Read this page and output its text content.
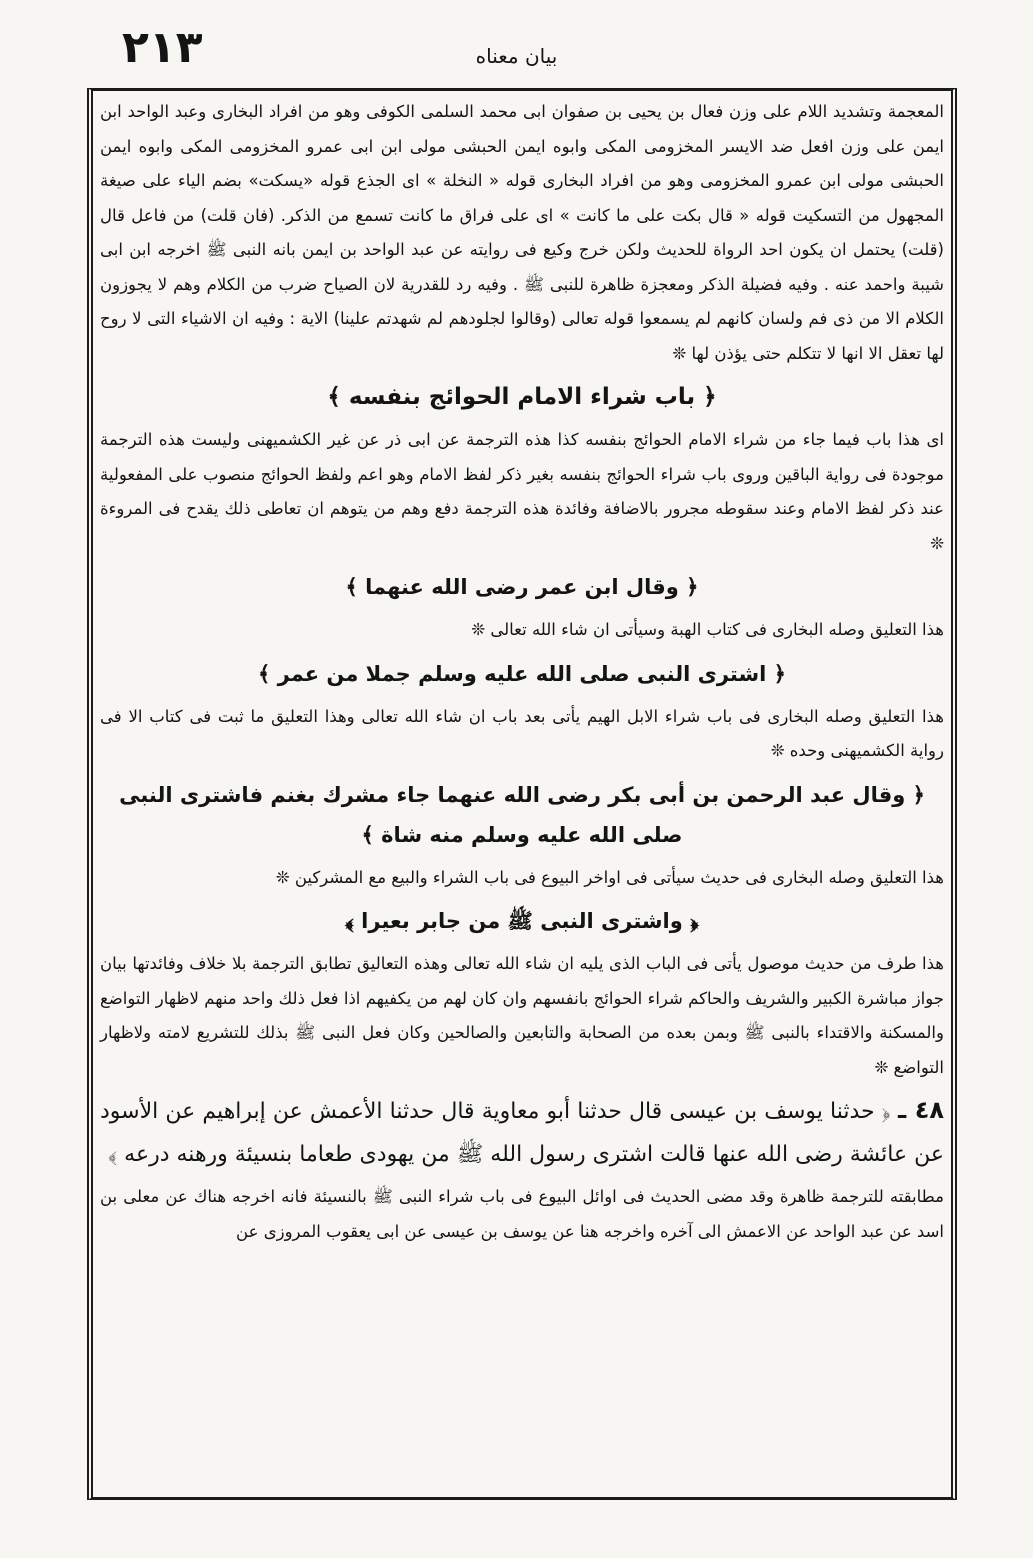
٢١٣	بيان معناه

المعجمة وتشديد اللام على وزن فعال بن يحيى بن صفوان ابى محمد السلمى الكوفى وهو من افراد البخارى وعبد الواحد ابن ايمن على وزن افعل ضد الايسر المخزومى المكى وابوه ايمن الحبشى مولى ابن ابى عمرو المخزومى المكى وابوه ايمن الحبشى مولى ابن عمرو المخزومى وهو من افراد البخارى قوله « النخلة » اى الجذع قوله «يسكت» بضم الياء على صيغة المجهول من التسكيت قوله « قال بكت على ما كانت » اى على فراق ما كانت تسمع من الذكر. (فان قلت) من فاعل قال (قلت) يحتمل ان يكون احد الرواة للحديث ولكن خرج وكيع فى روايته عن عبد الواحد بن ايمن بانه النبى ﷺ اخرجه ابن ابى شيبة واحمد عنه . وفيه فضيلة الذكر ومعجزة ظاهرة للنبى ﷺ . وفيه رد للقدرية لان الصياح ضرب من الكلام وهم لا يجوزون الكلام الا من ذى فم ولسان كانهم لم يسمعوا قوله تعالى (وقالوا لجلودهم لم شهدتم علينا) الاية : وفيه ان الاشياء التى لا روح لها تعقل الا انها لا تتكلم حتى يؤذن لها ❊

﴿ باب شراء الامام الحوائج بنفسه ﴾

اى هذا باب فيما جاء من شراء الامام الحوائج بنفسه كذا هذه الترجمة عن ابى ذر عن غير الكشميهنى وليست هذه الترجمة موجودة فى رواية الباقين وروى باب شراء الحوائج بنفسه بغير ذكر لفظ الامام وهو اعم ولفظ الحوائج منصوب على المفعولية عند ذكر لفظ الامام وعند سقوطه مجرور بالاضافة وفائدة هذه الترجمة دفع وهم من يتوهم ان تعاطى ذلك يقدح فى المروءة ❊

﴿ وقال ابن عمر رضى الله عنهما ﴾

هذا التعليق وصله البخارى فى كتاب الهبة وسيأتى ان شاء الله تعالى ❊

﴿ اشترى النبى صلى الله عليه وسلم جملا من عمر ﴾

هذا التعليق وصله البخارى فى باب شراء الابل الهيم يأتى بعد باب ان شاء الله تعالى وهذا التعليق ما ثبت فى كتاب الا فى رواية الكشميهنى وحده ❊

﴿ وقال عبد الرحمن بن أبى بكر رضى الله عنهما جاء مشرك بغنم فاشترى النبى صلى الله عليه وسلم منه شاة ﴾

هذا التعليق وصله البخارى فى حديث سيأتى فى اواخر البيوع فى باب الشراء والبيع مع المشركين ❊

﴿ واشترى النبى ﷺ من جابر بعيرا ﴾

هذا طرف من حديث موصول يأتى فى الباب الذى يليه ان شاء الله تعالى وهذه التعاليق تطابق الترجمة بلا خلاف وفائدتها بيان جواز مباشرة الكبير والشريف والحاكم شراء الحوائج بانفسهم وان كان لهم من يكفيهم اذا فعل ذلك واحد منهم لاظهار التواضع والمسكنة والاقتداء بالنبى ﷺ وبمن بعده من الصحابة والتابعين والصالحين وكان فعل النبى ﷺ بذلك للتشريع لامته ولاظهار التواضع ❊

٤٨ ـ ﴿ حدثنا يوسف بن عيسى قال حدثنا أبو معاوية قال حدثنا الأعمش عن إبراهيم عن الأسود عن عائشة رضى الله عنها قالت اشترى رسول الله ﷺ من يهودى طعاما بنسيئة ورهنه درعه ﴾

مطابقته للترجمة ظاهرة وقد مضى الحديث فى اوائل البيوع فى باب شراء النبى ﷺ بالنسيئة فانه اخرجه هناك عن معلى بن اسد عن عبد الواحد عن الاعمش الى آخره واخرجه هنا عن يوسف بن عيسى عن ابى يعقوب المروزى عن
